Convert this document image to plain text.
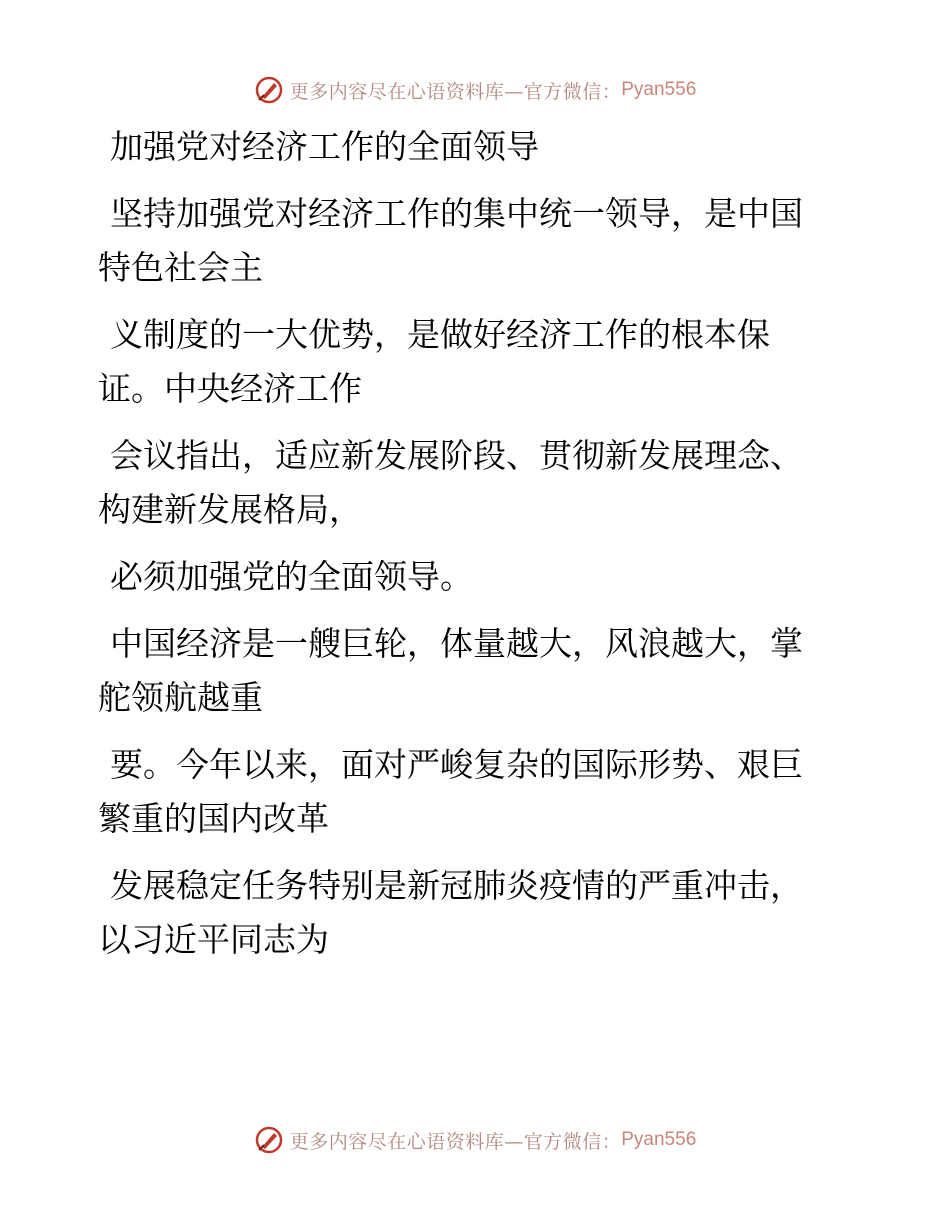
更多内容尽在心语资料库—官方微信： Pyan556
加强党对经济工作的全面领导
坚持加强党对经济工作的集中统一领导，是中国
特色社会主
义制度的一大优势，是做好经济工作的根本保
证。中央经济工作
会议指出，适应新发展阶段、贯彻新发展理念、
构建新发展格局，
必须加强党的全面领导。
中国经济是一艘巨轮，体量越大，风浪越大，掌
舵领航越重
要。今年以来，面对严峻复杂的国际形势、艰巨
繁重的国内改革
发展稳定任务特别是新冠肺炎疫情的严重冲击，
以习近平同志为
更多内容尽在心语资料库—官方微信： Pyan556
